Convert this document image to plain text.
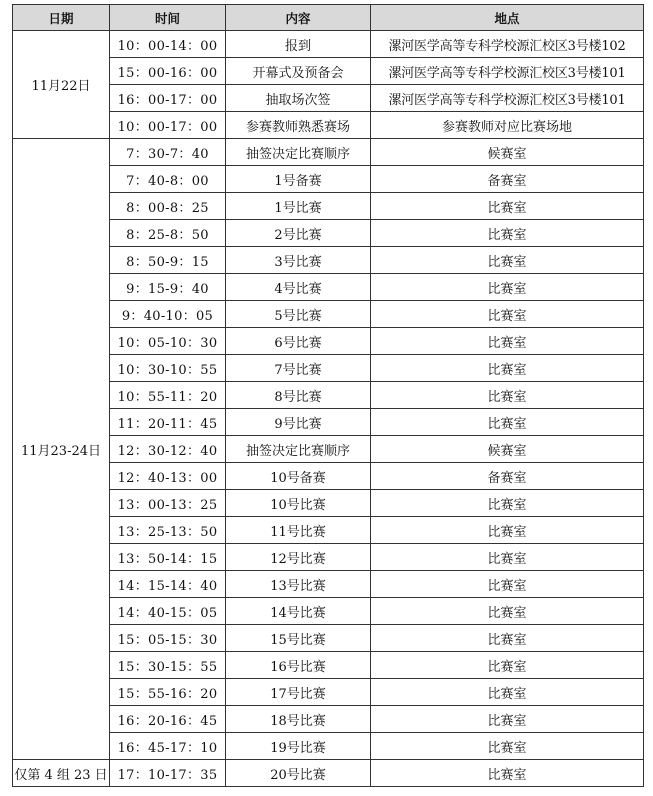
日期	时间	内容	地点
11月22日	10：00-14：00	报到	漯河医学高等专科学校源汇校区3号楼102
	15：00-16：00	开幕式及预备会	漯河医学高等专科学校源汇校区3号楼101
	16：00-17：00	抽取场次签	漯河医学高等专科学校源汇校区3号楼101
	10：00-17：00	参赛教师熟悉赛场	参赛教师对应比赛场地
11月23-24日	7：30-7：40	抽签决定比赛顺序	候赛室
	7：40-8：00	1号备赛	备赛室
	8：00-8：25	1号比赛	比赛室
	8：25-8：50	2号比赛	比赛室
	8：50-9：15	3号比赛	比赛室
	9：15-9：40	4号比赛	比赛室
	9：40-10：05	5号比赛	比赛室
	10：05-10：30	6号比赛	比赛室
	10：30-10：55	7号比赛	比赛室
	10：55-11：20	8号比赛	比赛室
	11：20-11：45	9号比赛	比赛室
	12：30-12：40	抽签决定比赛顺序	候赛室
	12：40-13：00	10号备赛	备赛室
	13：00-13：25	10号比赛	比赛室
	13：25-13：50	11号比赛	比赛室
	13：50-14：15	12号比赛	比赛室
	14：15-14：40	13号比赛	比赛室
	14：40-15：05	14号比赛	比赛室
	15：05-15：30	15号比赛	比赛室
	15：30-15：55	16号比赛	比赛室
	15：55-16：20	17号比赛	比赛室
	16：20-16：45	18号比赛	比赛室
	16：45-17：10	19号比赛	比赛室
仅第 4 组 23 日	17：10-17：35	20号比赛	比赛室
